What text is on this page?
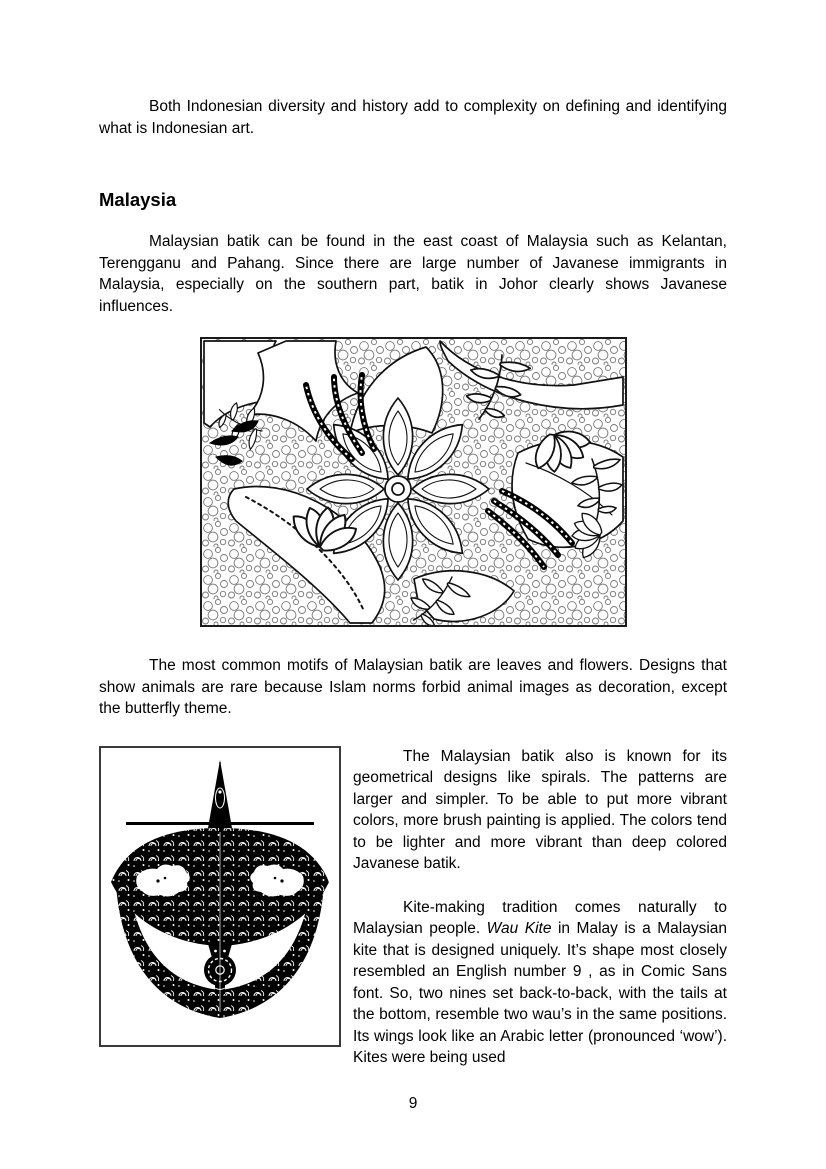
Both Indonesian diversity and history add to complexity on defining and identifying what is Indonesian art.

Malaysia

Malaysian batik can be found in the east coast of Malaysia such as Kelantan, Terengganu and Pahang. Since there are large number of Javanese immigrants in Malaysia, especially on the southern part, batik in Johor clearly shows Javanese influences.

The most common motifs of Malaysian batik are leaves and flowers. Designs that show animals are rare because Islam norms forbid animal images as decoration, except the butterfly theme.

The Malaysian batik also is known for its geometrical designs like spirals. The patterns are larger and simpler. To be able to put more vibrant colors, more brush painting is applied. The colors tend to be lighter and more vibrant than deep colored Javanese batik.

Kite-making tradition comes naturally to Malaysian people. Wau Kite in Malay is a Malaysian kite that is designed uniquely. It’s shape most closely resembled an English number 9 , as in Comic Sans font. So, two nines set back-to-back, with the tails at the bottom, resemble two wau’s in the same positions. Its wings look like an Arabic letter (pronounced ‘wow’). Kites were being used

9
